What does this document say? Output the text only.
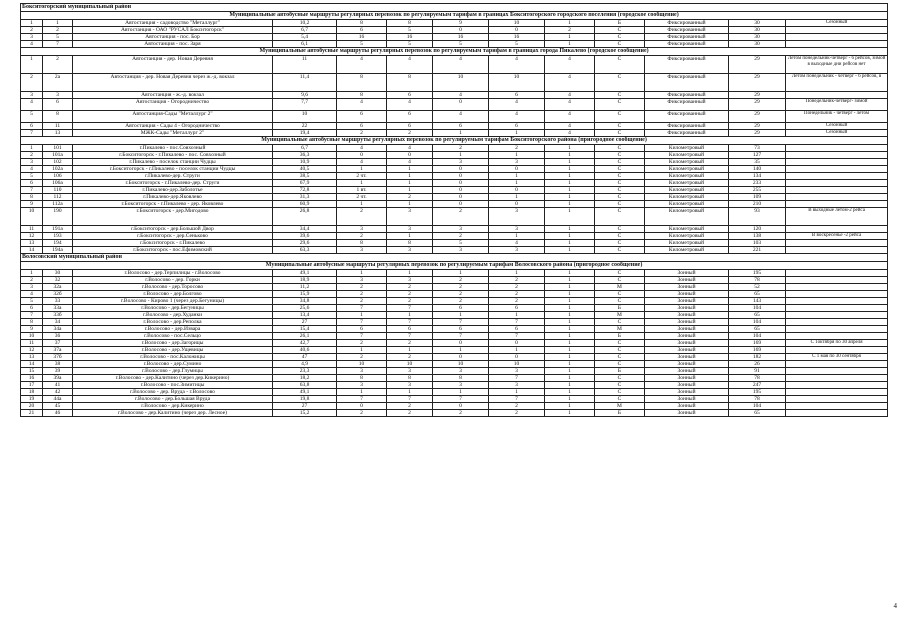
Бокситогорский муниципальный район												
Муниципальные автобусные маршруты регулярных перевозок по регулируемым тарифам в границах Бокситогорского городского поселения (городское сообщение)												
1	1	Автостанция - садоводство "Металлург"	10,2	8	8	9	10	1	Б	Фиксированный	30	Сезонный
2	2	Автостанция - ОАО "РУСАЛ Бокситогорск"	6,7	6	5	0	0	2	С	Фиксированный	30	
3	5	Автостанция - пос. Бор	5,4	16	16	16	16	1	С	Фиксированный	30	
4	7	Автостанция - пос. Заря	6,1	5	5	5	5	1	С	Фиксированный	30	
Муниципальные автобусные маршруты регулярных перевозок по регулируемым тарифам в границах города Пикалево (городское сообщение)												
1	2	Автостанция - дер. Новая Деревня	11	4	4	4	4	4	С	Фиксированный	29	Летом понедельник-четверг - 6 рейсов, зимой в выходные дни рейсов нет
2	2а	Автостанция - дер. Новая Деревня через ж.-д. вокзал	11,4	8	8	10	10	4	С	Фиксированный	29	Летом понедельник - четверг - 6 рейсов, в
3	3	Автостанция - ж.-д. вокзал	9,6	8	6	4	6	4	С	Фиксированный	29	
4	6	Автостанция - Огородничество	7,7	4	4	0	4	4	С	Фиксированный	29	Понедельник-четверг- зимой
5	8	Автостанция-Сады "Металлург 2"	10	6	6	4	4	4	С	Фиксированный	29	Понедельник - четверг - летом
6	11	Автостанция - Сады 4 - Огородничество	22	6	6	6	6	4	С	Фиксированный	29	Сезонный
7	13	МЖК-Сады "Металлург 2"	19,4	2	2	1	1	4	С	Фиксированный	29	Сезонный
Муниципальные автобусные маршруты регулярных перевозок по регулируемым тарифам Бокситогорского района (пригородное сообщение)												
1	101	г.Пикалево - пос.Совхозный	6,7	4	4	2	2	1	С	Километровый	73	
2	101а	г.Бокситогорск - г.Пикалево - пос. Совхозный	36,3	0	0	1	1	1	С	Километровый	127	
3	102	г.Пикалево - поселок станции Чудцы	10,9	4	4	3	3	1	С	Километровый	35	
4	102а	г.Бокситогорск - г.Пикалево - поселок станции Чудцы	40,5	1	1	0	0	1	С	Километровый	140	
5	106	г.Пикалево-дер. Струги	38,5	2 чт.	1	0	1	1	С	Километровый	134	
6	106а	г.Бокситогорск - г.Пикалево-дер. Струги	67,9	1	1	0	1	1	С	Километровый	233	
7	110	г.Пикалево-дер.Заболотье	72,8	1 вт.	1	0	0	1	С	Километровый	255	
8	112	г.Пикалево-дер.Яковлево	31,3	2 чт.	2	0	1	1	С	Километровый	109	
9	112а	г.Бокситогорск - г.Пикалево - дер. Яковлево	60,9	1	1	0	0	1	С	Километровый	210	
10	190	г.Бокситогорск - дер.Мигодово	26,8	2	3	2	3	1	С	Километровый	93	В выходные летом-2 рейса
11	191а	г.Бокситогорск - дер.Большой Двор	34,4	3	3	3	3	1	С	Километровый	120	
12	193	г.Бокситогорск - дер.Сеньково	39,6	2	1	2	1	1	С	Километровый	138	В воскресенье -2 рейса
13	194	г.Бокситогорск - г.Пикалево	29,6	8	8	5	4	1	С	Километровый	103	
14	194а	г.Бокситогорск - пос.Ефимовский	63,3	3	3	3	3	1	С	Километровый	221	
Волосовский муниципальный район												
Муниципальные автобусные маршруты регулярных перевозок по регулируемым тарифам Волосовского района (пригородное сообщение)												
1	30	г.Волосово - дер.Терпилицы - г.Волосово	49,1	1	1	1	1	1	С	Зонный	195	
2	32	г.Волосово - дер. Горки	18,9	3	3	2	2	1	С	Зонный	78	
3	32а	г.Волосово - дер.Торосово	11,2	2	2	2	2	1	М	Зонный	52	
4	32б	г.Волосово - дер.Болгово	15,9	2	2	2	2	1	С	Зонный	65	
5	33	г.Волосово - Кирово 1 (через дер.Бегуницы)	34,8	2	2	2	2	1	С	Зонный	143	
6	33а	г.Волосово - дер.Бегуницы	25,6	7	7	6	6	1	Б	Зонный	104	
7	33б	г.Волосово - дер.Худанки	13,4	1	1	1	1	1	М	Зонный	65	
8	34	г.Волосово - дер.Реполка	27	7	7	7	7	1	С	Зонный	104	
9	34а	г.Волосово - дер.Извара	15,4	6	6	6	6	1	М	Зонный	65	
10	36	г.Волосово - пос.Сельцо	26,1	7	7	7	7	1	Б	Зонный	104	
11	37	г.Волосово - дер.Загорицы	42,7	2	2	0	0	1	С	Зонный	169	С 1октября по 30 апреля
12	37а	г.Волосово - дер.Ущевицы	40,6	1	1	1	1	1	С	Зонный	169	
13	37б	г.Волосово - пос.Каложицы	47	2	2	0	0	1	С	Зонный	182	С 1 мая по 30 сентября
14	38	г.Волосово - дер.Сумино	4,9	10	10	10	10	1	С	Зонный	26	
15	39	г.Волосово - дер.Глумицы	23,3	3	3	3	3	1	Б	Зонный	91	
16	39а	г.Волосово - дер.Калитино (через дер.Кикерино)	18,2	8	8	8	7	1	С	Зонный	78	
17	41	г.Волосово - пос.Зимитицы	63,8	3	3	3	3	1	С	Зонный	247	
18	42	г.Волосово - дер. Врудa - г.Волосово	49,1	1	1	1	1	1	С	Зонный	195	
19	44а	г.Волосово - дер.Большая Вруда	19,8	7	7	7	7	1	С	Зонный	78	
20	45	г.Волосово - дер.Кикерино	27	0	2	0	2	1	М	Зонный	104	
21	46	г.Волосово - дер.Калитино (через дер. Лесное)	15,2	2	2	2	2	1	Б	Зонный	65	
4
